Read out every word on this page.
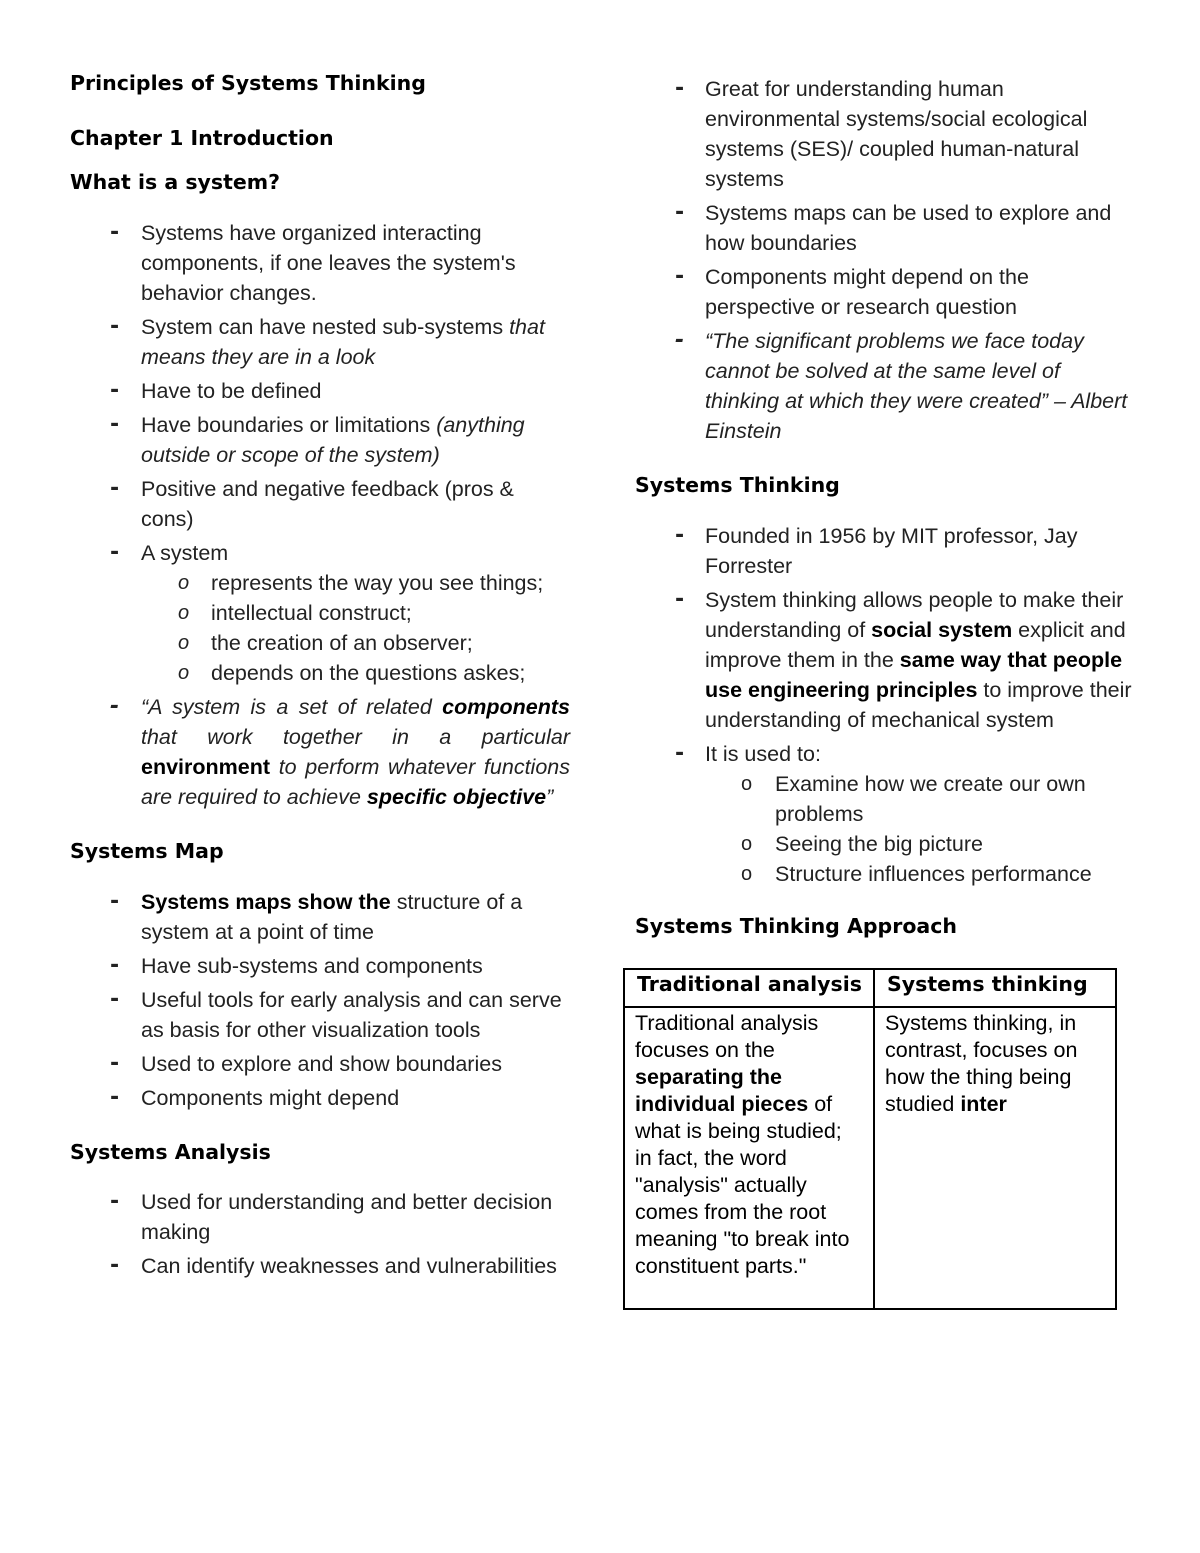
Principles of Systems Thinking
Chapter 1 Introduction
What is a system?
- Systems have organized interacting components, if one leaves the system's behavior changes.
- System can have nested sub-systems that means they are in a look
- Have to be defined
- Have boundaries or limitations (anything outside or scope of the system)
- Positive and negative feedback (pros & cons)
- A system
o represents the way you see things;
o intellectual construct;
o the creation of an observer;
o depends on the questions askes;
- “A system is a set of related components that work together in a particular environment to perform whatever functions are required to achieve specific objective”
Systems Map
- Systems maps show the structure of a system at a point of time
- Have sub-systems and components
- Useful tools for early analysis and can serve as basis for other visualization tools
- Used to explore and show boundaries
- Components might depend
Systems Analysis
- Used for understanding and better decision making
- Can identify weaknesses and vulnerabilities
- Great for understanding human environmental systems/social ecological systems (SES)/ coupled human-natural systems
- Systems maps can be used to explore and how boundaries
- Components might depend on the perspective or research question
- “The significant problems we face today cannot be solved at the same level of thinking at which they were created” – Albert Einstein
Systems Thinking
- Founded in 1956 by MIT professor, Jay Forrester
- System thinking allows people to make their understanding of social system explicit and improve them in the same way that people use engineering principles to improve their understanding of mechanical system
- It is used to:
o Examine how we create our own problems
o Seeing the big picture
o Structure influences performance
Systems Thinking Approach
Traditional analysis	Systems thinking
Traditional analysis focuses on the separating the individual pieces of what is being studied; in fact, the word "analysis" actually comes from the root meaning "to break into constituent parts."	Systems thinking, in contrast, focuses on how the thing being studied inter
